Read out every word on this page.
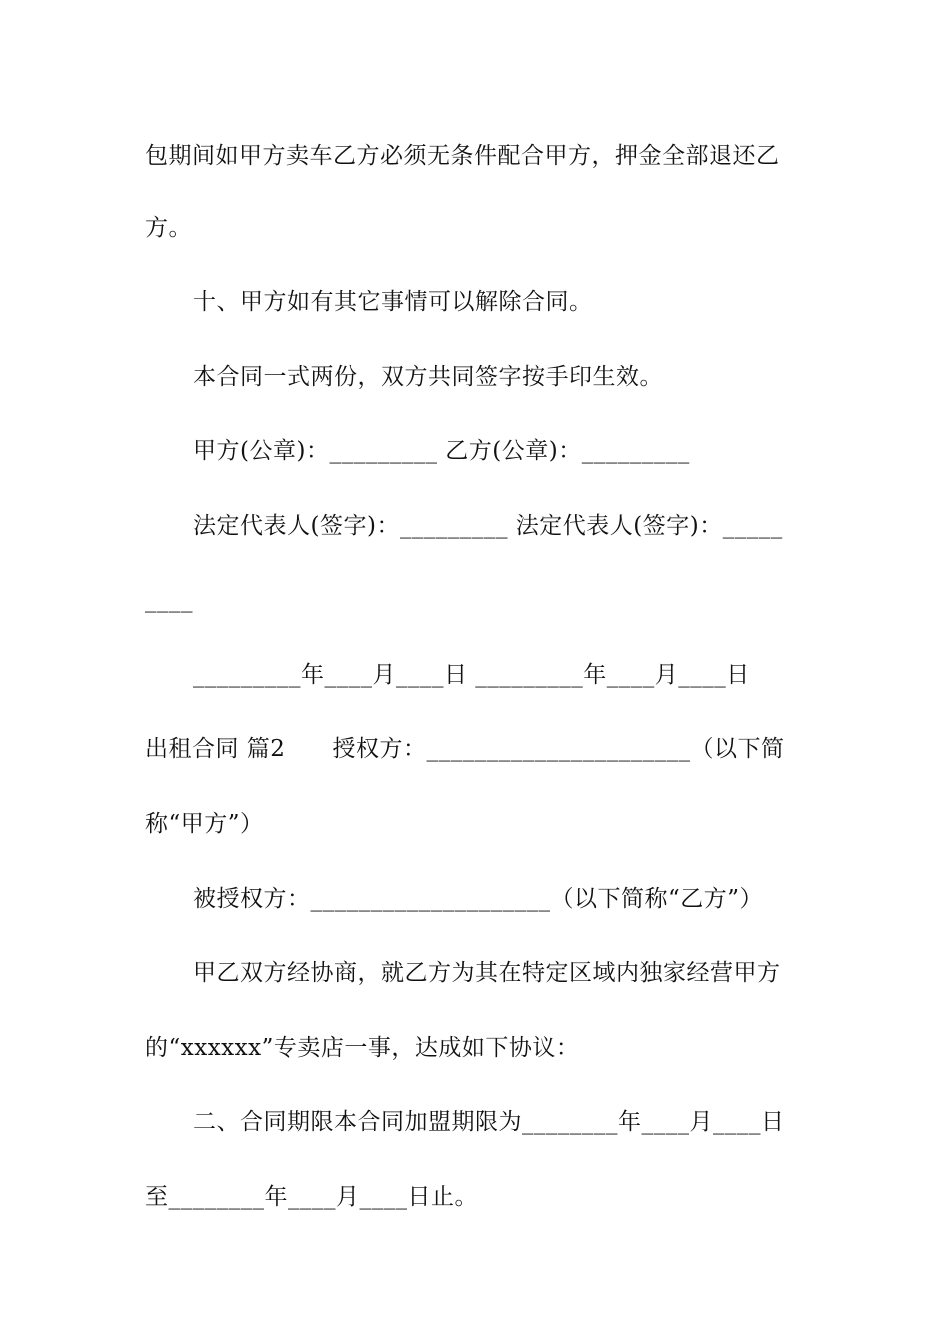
包期间如甲方卖车乙方必须无条件配合甲方，押金全部退还乙
方。
十、甲方如有其它事情可以解除合同。
本合同一式两份，双方共同签字按手印生效。
甲方(公章)：_________ 乙方(公章)：_________
法定代表人(签字)：_________ 法定代表人(签字)：_____
____
_________年____月____日 _________年____月____日
出租合同 篇2　　授权方：______________________（以下简
称“甲方”）
被授权方：____________________（以下简称“乙方”）
甲乙双方经协商，就乙方为其在特定区域内独家经营甲方
的“xxxxxx”专卖店一事，达成如下协议：
二、合同期限本合同加盟期限为________年____月____日
至________年____月____日止。
